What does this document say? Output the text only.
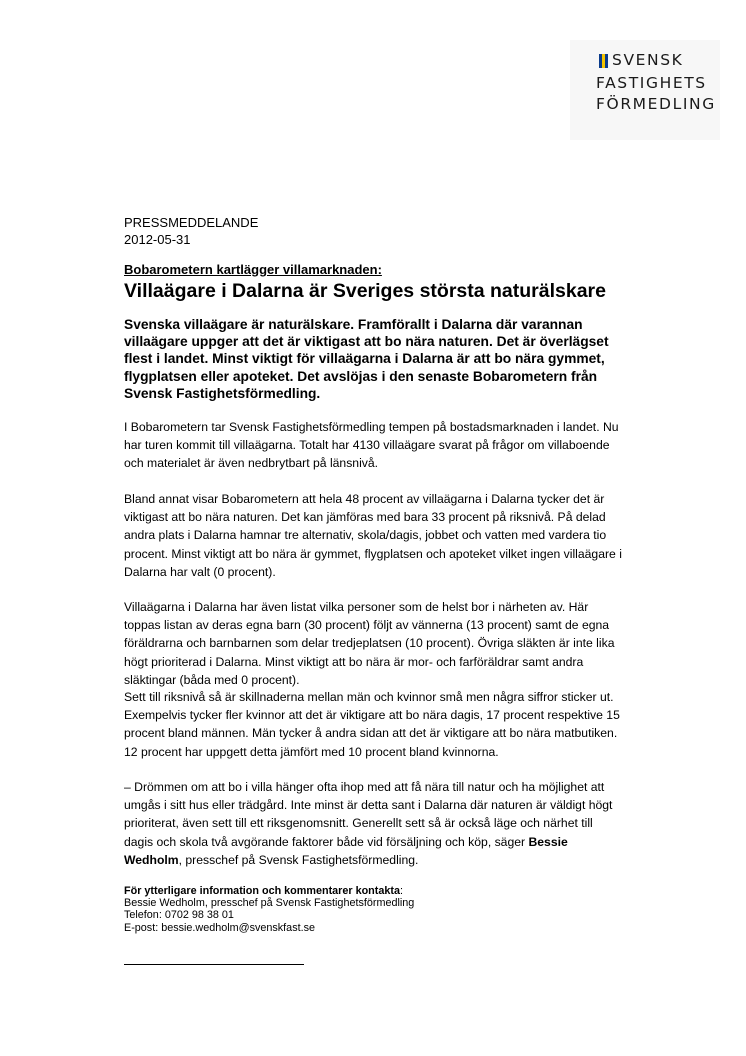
SVENSK
FASTIGHETS
FÖRMEDLING
PRESSMEDDELANDE
2012-05-31
Bobarometern kartlägger villamarknaden:
Villaägare i Dalarna är Sveriges största naturälskare
Svenska villaägare är naturälskare. Framförallt i Dalarna där varannan
villaägare uppger att det är viktigast att bo nära naturen. Det är överlägset
flest i landet. Minst viktigt för villaägarna i Dalarna är att bo nära gymmet,
flygplatsen eller apoteket. Det avslöjas i den senaste Bobarometern från
Svensk Fastighetsförmedling.
I Bobarometern tar Svensk Fastighetsförmedling tempen på bostadsmarknaden i landet. Nu
har turen kommit till villaägarna. Totalt har 4130 villaägare svarat på frågor om villaboende
och materialet är även nedbrytbart på länsnivå.
Bland annat visar Bobarometern att hela 48 procent av villaägarna i Dalarna tycker det är
viktigast att bo nära naturen. Det kan jämföras med bara 33 procent på riksnivå. På delad
andra plats i Dalarna hamnar tre alternativ, skola/dagis, jobbet och vatten med vardera tio
procent. Minst viktigt att bo nära är gymmet, flygplatsen och apoteket vilket ingen villaägare i
Dalarna har valt (0 procent).
Villaägarna i Dalarna har även listat vilka personer som de helst bor i närheten av. Här
toppas listan av deras egna barn (30 procent) följt av vännerna (13 procent) samt de egna
föräldrarna och barnbarnen som delar tredjeplatsen (10 procent). Övriga släkten är inte lika
högt prioriterad i Dalarna. Minst viktigt att bo nära är mor- och farföräldrar samt andra
släktingar (båda med 0 procent).
Sett till riksnivå så är skillnaderna mellan män och kvinnor små men några siffror sticker ut.
Exempelvis tycker fler kvinnor att det är viktigare att bo nära dagis, 17 procent respektive 15
procent bland männen. Män tycker å andra sidan att det är viktigare att bo nära matbutiken.
12 procent har uppgett detta jämfört med 10 procent bland kvinnorna.
– Drömmen om att bo i villa hänger ofta ihop med att få nära till natur och ha möjlighet att
umgås i sitt hus eller trädgård. Inte minst är detta sant i Dalarna där naturen är väldigt högt
prioriterat, även sett till ett riksgenomsnitt. Generellt sett så är också läge och närhet till
dagis och skola två avgörande faktorer både vid försäljning och köp, säger Bessie
Wedholm, presschef på Svensk Fastighetsförmedling.
För ytterligare information och kommentarer kontakta:
Bessie Wedholm, presschef på Svensk Fastighetsförmedling
Telefon: 0702 98 38 01
E-post: bessie.wedholm@svenskfast.se
